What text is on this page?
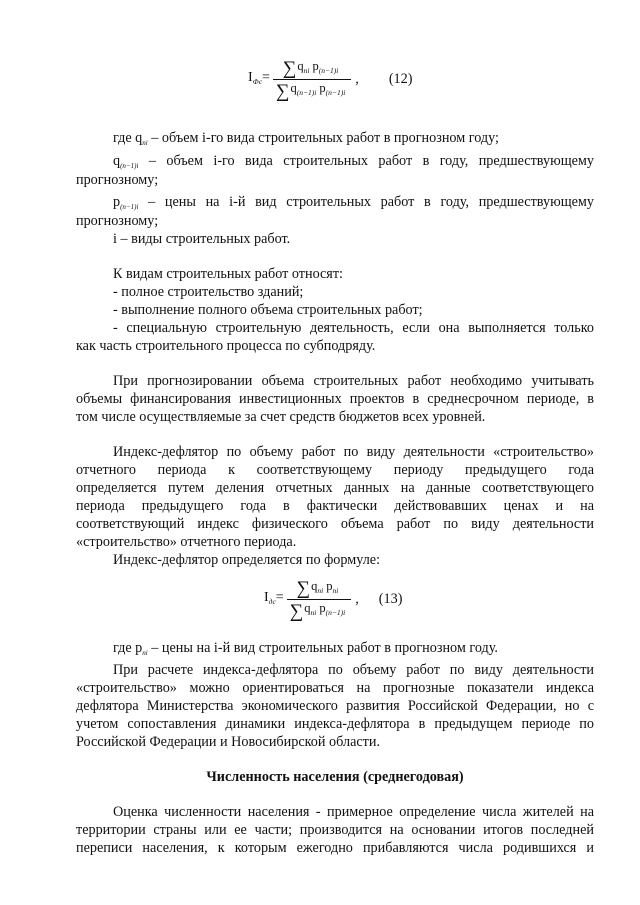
$I_{Фс}= \frac{\sum q_{ni} p_{(n-1)i}}{\sum q_{(n-1)i} p_{(n-1)i}}$ , (12)

где $q_{ni}$ – объем i-го вида строительных работ в прогнозном году;

$q_{(n-1)i}$ – объем i-го вида строительных работ в году, предшествующему

прогнозному;

$p_{(n-1)i}$ – цены на i-й вид строительных работ в году, предшествующему

прогнозному;

i – виды строительных работ.

К видам строительных работ относят:

- полное строительство зданий;

- выполнение полного объема строительных работ;

- специальную строительную деятельность, если она выполняется только

как часть строительного процесса по субподряду.

При прогнозировании объема строительных работ необходимо учитывать

объемы финансирования инвестиционных проектов в среднесрочном периоде, в

том числе осуществляемые за счет средств бюджетов всех уровней.

Индекс-дефлятор по объему работ по виду деятельности «строительство»

отчетного периода к соответствующему периоду предыдущего года

определяется путем деления отчетных данных на данные соответствующего

периода предыдущего года в фактически действовавших ценах и на

соответствующий индекс физического объема работ по виду деятельности

«строительство» отчетного периода.

Индекс-дефлятор определяется по формуле:

$I_{дс}= \frac{\sum q_{ni} p_{ni}}{\sum q_{ni} p_{(n-1)i}}$ , (13)

где $p_{ni}$ – цены на i-й вид строительных работ в прогнозном году.

При расчете индекса-дефлятора по объему работ по виду деятельности

«строительство» можно ориентироваться на прогнозные показатели индекса

дефлятора Министерства экономического развития Российской Федерации, но с

учетом сопоставления динамики индекса-дефлятора в предыдущем периоде по

Российской Федерации и Новосибирской области.

Численность населения (среднегодовая)

Оценка численности населения - примерное определение числа жителей на

территории страны или ее части; производится на основании итогов последней

переписи населения, к которым ежегодно прибавляются числа родившихся и
